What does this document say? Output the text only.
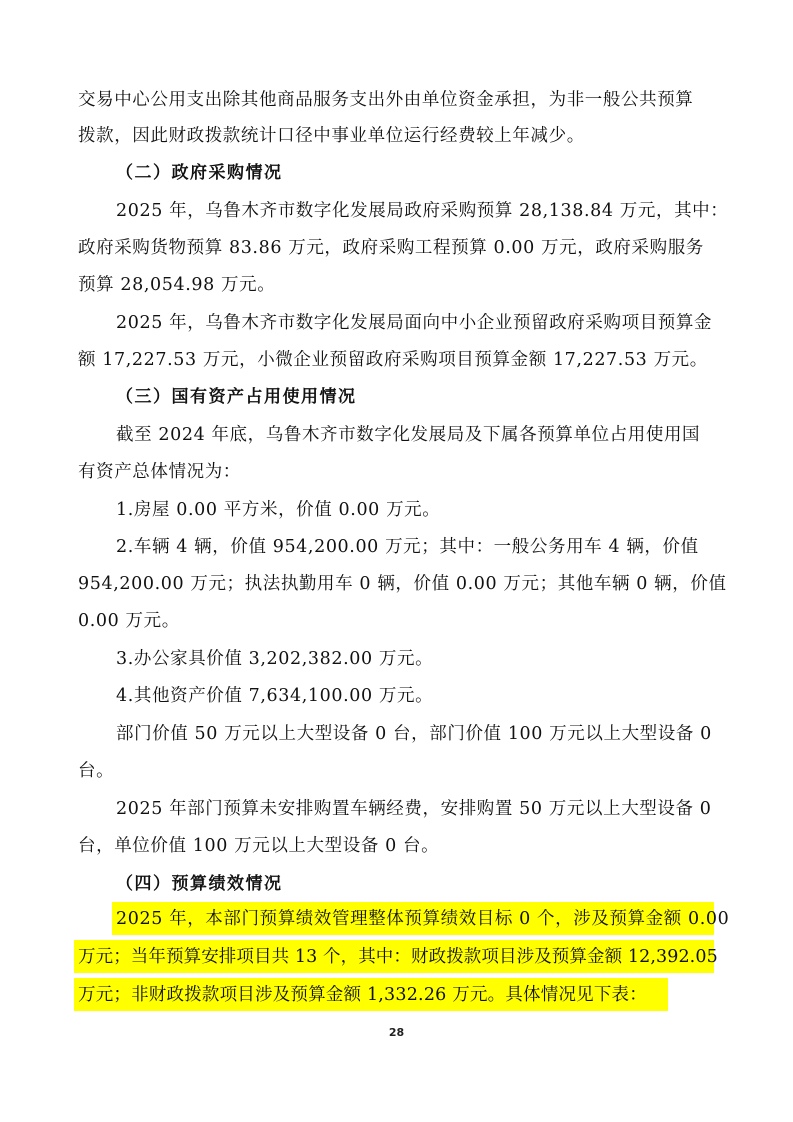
交易中心公用支出除其他商品服务支出外由单位资金承担，为非一般公共预算
拨款，因此财政拨款统计口径中事业单位运行经费较上年减少。
（二）政府采购情况
2025 年，乌鲁木齐市数字化发展局政府采购预算 28,138.84 万元，其中：
政府采购货物预算 83.86 万元，政府采购工程预算 0.00 万元，政府采购服务
预算 28,054.98 万元。
2025 年，乌鲁木齐市数字化发展局面向中小企业预留政府采购项目预算金
额 17,227.53 万元，小微企业预留政府采购项目预算金额 17,227.53 万元。
（三）国有资产占用使用情况
截至 2024 年底，乌鲁木齐市数字化发展局及下属各预算单位占用使用国
有资产总体情况为：
1.房屋 0.00 平方米，价值 0.00 万元。
2.车辆 4 辆，价值 954,200.00 万元；其中：一般公务用车 4 辆，价值
954,200.00 万元；执法执勤用车 0 辆，价值 0.00 万元；其他车辆 0 辆，价值
0.00 万元。
3.办公家具价值 3,202,382.00 万元。
4.其他资产价值 7,634,100.00 万元。
部门价值 50 万元以上大型设备 0 台，部门价值 100 万元以上大型设备 0
台。
2025 年部门预算未安排购置车辆经费，安排购置 50 万元以上大型设备 0
台，单位价值 100 万元以上大型设备 0 台。
（四）预算绩效情况
2025 年，本部门预算绩效管理整体预算绩效目标 0 个，涉及预算金额 0.00
万元；当年预算安排项目共 13 个，其中：财政拨款项目涉及预算金额 12,392.05
万元；非财政拨款项目涉及预算金额 1,332.26 万元。具体情况见下表：
28
